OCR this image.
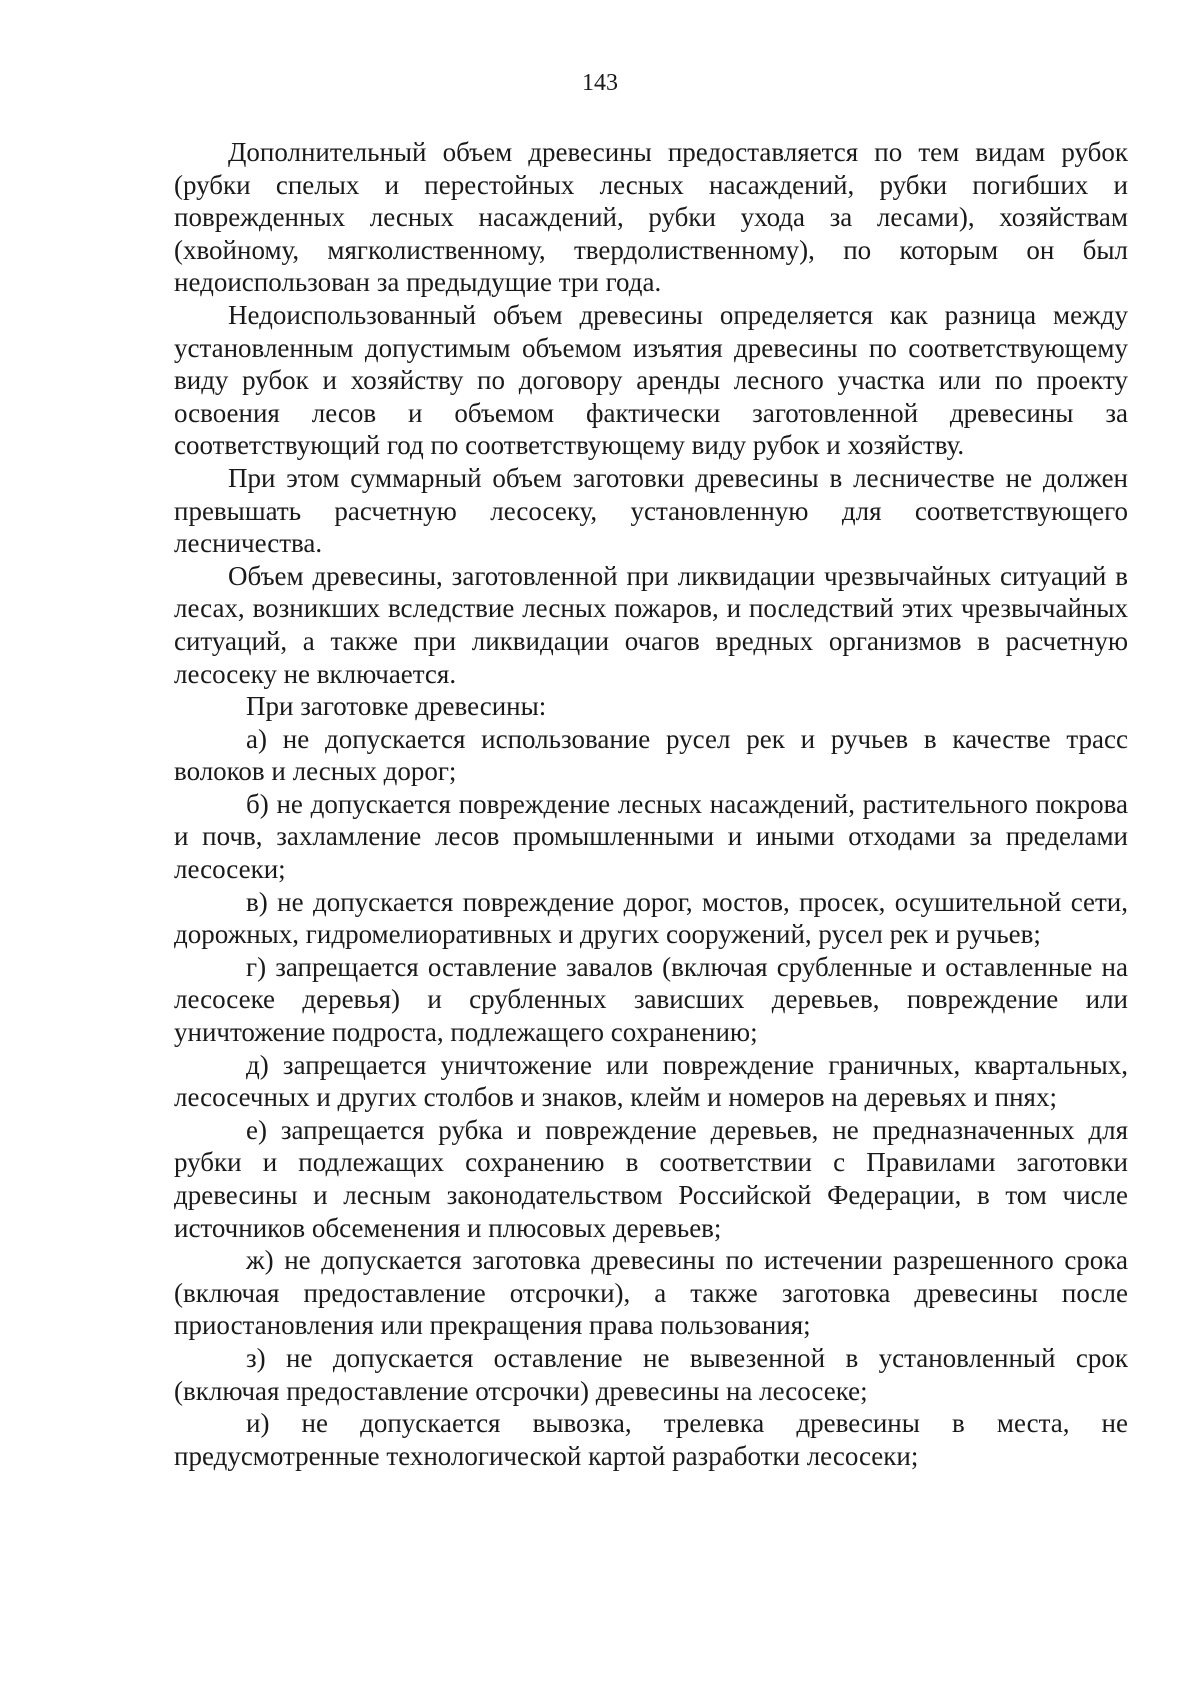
143

Дополнительный объем древесины предоставляется по тем видам рубок (рубки спелых и перестойных лесных насаждений, рубки погибших и поврежденных лесных насаждений, рубки ухода за лесами), хозяйствам (хвойному, мягколиственному, твердолиственному), по которым он был недоиспользован за предыдущие три года.

Недоиспользованный объем древесины определяется как разница между установленным допустимым объемом изъятия древесины по соответствующему виду рубок и хозяйству по договору аренды лесного участка или по проекту освоения лесов и объемом фактически заготовленной древесины за соответствующий год по соответствующему виду рубок и хозяйству.

При этом суммарный объем заготовки древесины в лесничестве не должен превышать расчетную лесосеку, установленную для соответствующего лесничества.

Объем древесины, заготовленной при ликвидации чрезвычайных ситуаций в лесах, возникших вследствие лесных пожаров, и последствий этих чрезвычайных ситуаций, а также при ликвидации очагов вредных организмов в расчетную лесосеку не включается.

При заготовке древесины:

а) не допускается использование русел рек и ручьев в качестве трасс волоков и лесных дорог;

б) не допускается повреждение лесных насаждений, растительного покрова и почв, захламление лесов промышленными и иными отходами за пределами лесосеки;

в) не допускается повреждение дорог, мостов, просек, осушительной сети, дорожных, гидромелиоративных и других сооружений, русел рек и ручьев;

г) запрещается оставление завалов (включая срубленные и оставленные на лесосеке деревья) и срубленных зависших деревьев, повреждение или уничтожение подроста, подлежащего сохранению;

д) запрещается уничтожение или повреждение граничных, квартальных, лесосечных и других столбов и знаков, клейм и номеров на деревьях и пнях;

е) запрещается рубка и повреждение деревьев, не предназначенных для рубки и подлежащих сохранению в соответствии с Правилами заготовки древесины и лесным законодательством Российской Федерации, в том числе источников обсеменения и плюсовых деревьев;

ж) не допускается заготовка древесины по истечении разрешенного срока (включая предоставление отсрочки), а также заготовка древесины после приостановления или прекращения права пользования;

з) не допускается оставление не вывезенной в установленный срок (включая предоставление отсрочки) древесины на лесосеке;

и) не допускается вывозка, трелевка древесины в места, не предусмотренные технологической картой разработки лесосеки;
